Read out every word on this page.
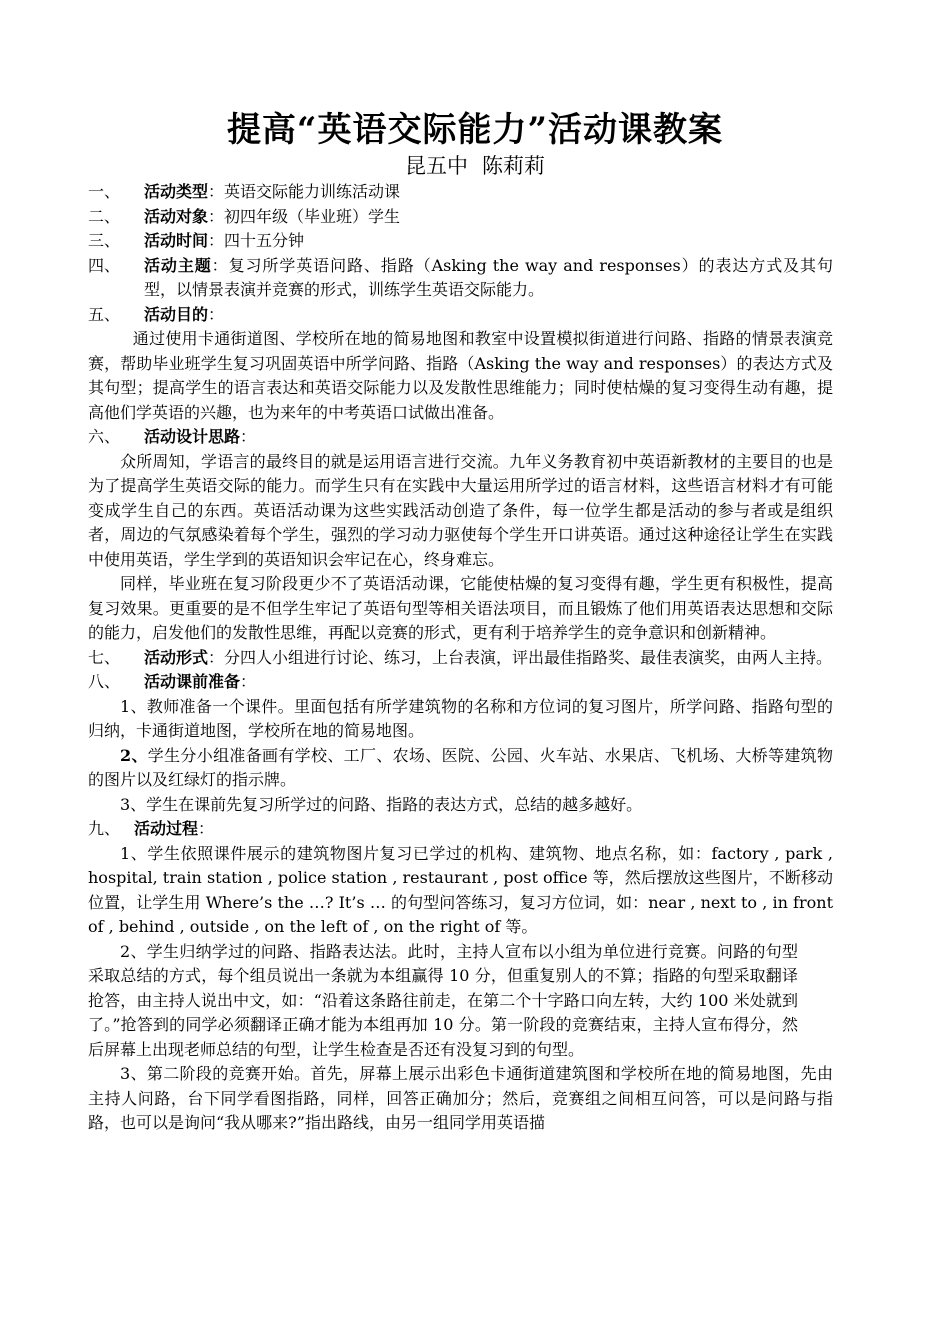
提高“英语交际能力”活动课教案
昆五中 陈莉莉
一、	活动类型：英语交际能力训练活动课
二、	活动对象：初四年级（毕业班）学生
三、	活动时间：四十五分钟
四、	活动主题：复习所学英语问路、指路（Asking the way and responses）的表达方式及其句型，以情景表演并竞赛的形式，训练学生英语交际能力。
五、	活动目的：
通过使用卡通街道图、学校所在地的简易地图和教室中设置模拟街道进行问路、指路的情景表演竞赛，帮助毕业班学生复习巩固英语中所学问路、指路（Asking the way and responses）的表达方式及其句型；提高学生的语言表达和英语交际能力以及发散性思维能力；同时使枯燥的复习变得生动有趣，提高他们学英语的兴趣，也为来年的中考英语口试做出准备。
六、	活动设计思路：
众所周知，学语言的最终目的就是运用语言进行交流。九年义务教育初中英语新教材的主要目的也是为了提高学生英语交际的能力。而学生只有在实践中大量运用所学过的语言材料，这些语言材料才有可能变成学生自己的东西。英语活动课为这些实践活动创造了条件，每一位学生都是活动的参与者或是组织者，周边的气氛感染着每个学生，强烈的学习动力驱使每个学生开口讲英语。通过这种途径让学生在实践中使用英语，学生学到的英语知识会牢记在心，终身难忘。
同样，毕业班在复习阶段更少不了英语活动课，它能使枯燥的复习变得有趣，学生更有积极性，提高复习效果。更重要的是不但学生牢记了英语句型等相关语法项目，而且锻炼了他们用英语表达思想和交际的能力，启发他们的发散性思维，再配以竞赛的形式，更有利于培养学生的竞争意识和创新精神。
七、	活动形式：分四人小组进行讨论、练习，上台表演，评出最佳指路奖、最佳表演奖，由两人主持。
八、	活动课前准备：
1、教师准备一个课件。里面包括有所学建筑物的名称和方位词的复习图片，所学问路、指路句型的归纳，卡通街道地图，学校所在地的简易地图。
2、学生分小组准备画有学校、工厂、农场、医院、公园、火车站、水果店、飞机场、大桥等建筑物的图片以及红绿灯的指示牌。
3、学生在课前先复习所学过的问路、指路的表达方式，总结的越多越好。
九、 活动过程：
1、学生依照课件展示的建筑物图片复习已学过的机构、建筑物、地点名称，如：factory , park , hospital, train station , police station , restaurant , post office 等，然后摆放这些图片，不断移动位置，让学生用 Where’s the …? It’s … 的句型问答练习，复习方位词，如：near , next to , in front of , behind , outside , on the left of , on the right of 等。
2、学生归纳学过的问路、指路表达法。此时，主持人宣布以小组为单位进行竞赛。问路的句型采取总结的方式，每个组员说出一条就为本组赢得 10 分，但重复别人的不算；指路的句型采取翻译抢答，由主持人说出中文，如：“沿着这条路往前走，在第二个十字路口向左转，大约 100 米处就到了。”抢答到的同学必须翻译正确才能为本组再加 10 分。第一阶段的竞赛结束，主持人宣布得分，然后屏幕上出现老师总结的句型，让学生检查是否还有没复习到的句型。
3、第二阶段的竞赛开始。首先，屏幕上展示出彩色卡通街道建筑图和学校所在地的简易地图，先由主持人问路，台下同学看图指路，同样，回答正确加分；然后，竞赛组之间相互问答，可以是问路与指路，也可以是询问“我从哪来?”指出路线，由另一组同学用英语描
